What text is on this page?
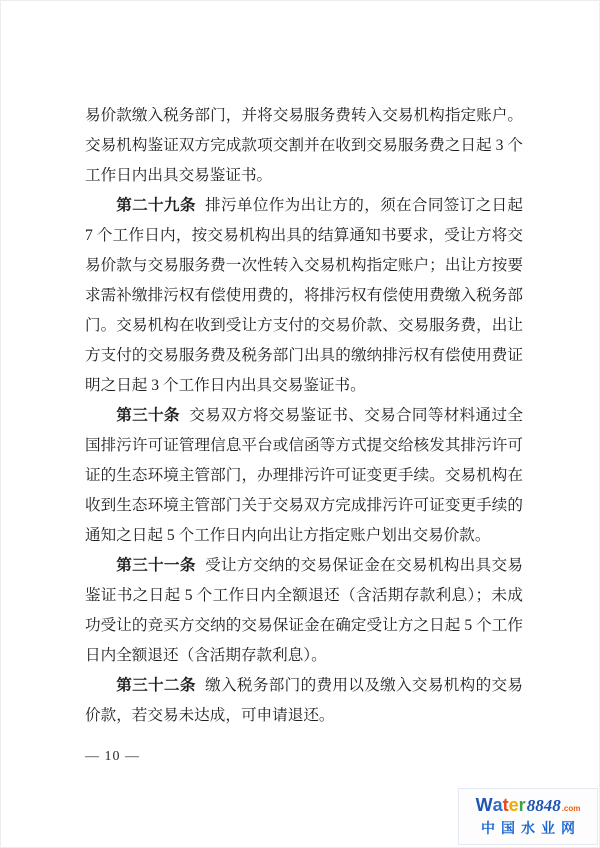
易价款缴入税务部门，并将交易服务费转入交易机构指定账户。交易机构鉴证双方完成款项交割并在收到交易服务费之日起 3 个工作日内出具交易鉴证书。

第二十九条 排污单位作为出让方的，须在合同签订之日起 7 个工作日内，按交易机构出具的结算通知书要求，受让方将交易价款与交易服务费一次性转入交易机构指定账户；出让方按要求需补缴排污权有偿使用费的，将排污权有偿使用费缴入税务部门。交易机构在收到受让方支付的交易价款、交易服务费，出让方支付的交易服务费及税务部门出具的缴纳排污权有偿使用费证明之日起 3 个工作日内出具交易鉴证书。

第三十条 交易双方将交易鉴证书、交易合同等材料通过全国排污许可证管理信息平台或信函等方式提交给核发其排污许可证的生态环境主管部门，办理排污许可证变更手续。交易机构在收到生态环境主管部门关于交易双方完成排污许可证变更手续的通知之日起 5 个工作日内向出让方指定账户划出交易价款。

第三十一条 受让方交纳的交易保证金在交易机构出具交易鉴证书之日起 5 个工作日内全额退还（含活期存款利息）；未成功受让的竞买方交纳的交易保证金在确定受让方之日起 5 个工作日内全额退还（含活期存款利息）。

第三十二条 缴入税务部门的费用以及缴入交易机构的交易价款，若交易未达成，可申请退还。

— 10 —
W a t e r 8848 .com
中国水业网
